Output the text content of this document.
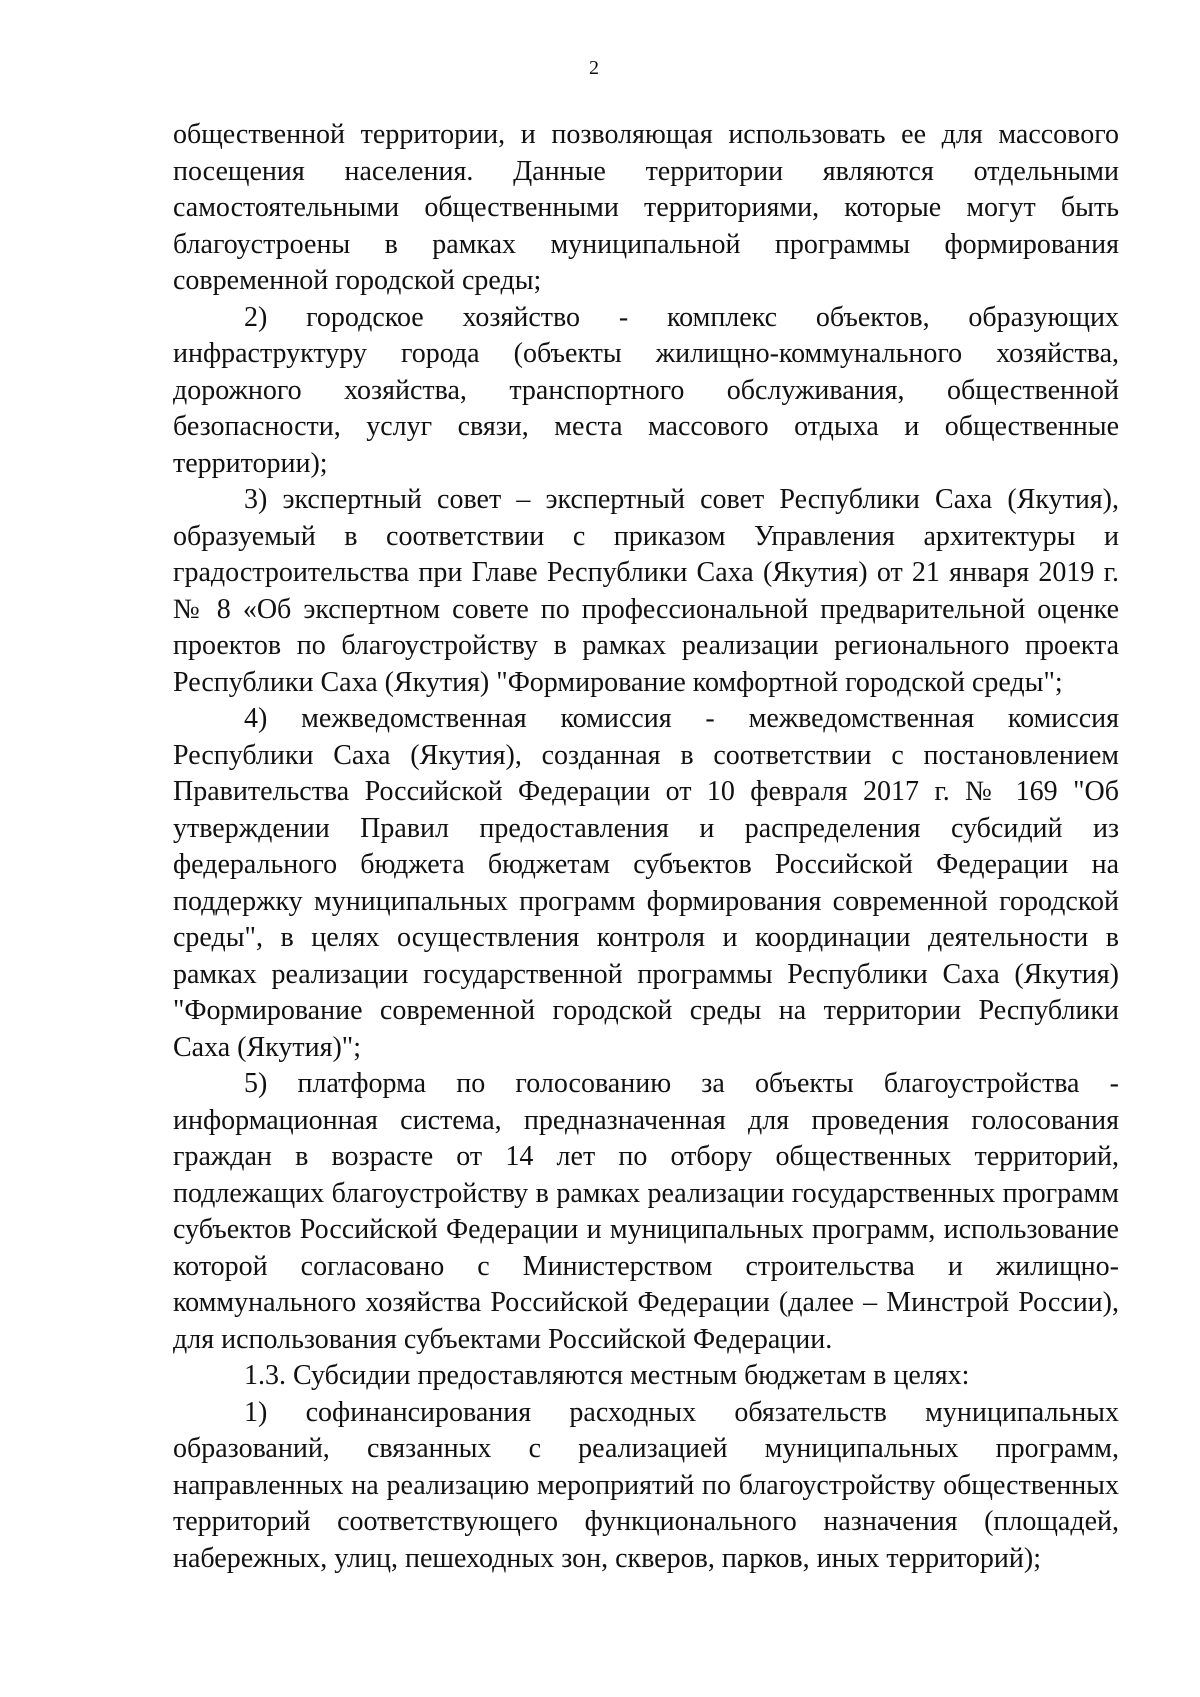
2

общественной территории, и позволяющая использовать ее для массового посещения населения. Данные территории являются отдельными самостоятельными общественными территориями, которые могут быть благоустроены в рамках муниципальной программы формирования современной городской среды;

2) городское хозяйство - комплекс объектов, образующих инфраструктуру города (объекты жилищно-коммунального хозяйства, дорожного хозяйства, транспортного обслуживания, общественной безопасности, услуг связи, места массового отдыха и общественные территории);

3) экспертный совет – экспертный совет Республики Саха (Якутия), образуемый в соответствии с приказом Управления архитектуры и градостроительства при Главе Республики Саха (Якутия) от 21 января 2019 г. № 8 «Об экспертном совете по профессиональной предварительной оценке проектов по благоустройству в рамках реализации регионального проекта Республики Саха (Якутия) "Формирование комфортной городской среды";

4) межведомственная комиссия - межведомственная комиссия Республики Саха (Якутия), созданная в соответствии с постановлением Правительства Российской Федерации от 10 февраля 2017 г. № 169 "Об утверждении Правил предоставления и распределения субсидий из федерального бюджета бюджетам субъектов Российской Федерации на поддержку муниципальных программ формирования современной городской среды", в целях осуществления контроля и координации деятельности в рамках реализации государственной программы Республики Саха (Якутия) "Формирование современной городской среды на территории Республики Саха (Якутия)";

5) платформа по голосованию за объекты благоустройства - информационная система, предназначенная для проведения голосования граждан в возрасте от 14 лет по отбору общественных территорий, подлежащих благоустройству в рамках реализации государственных программ субъектов Российской Федерации и муниципальных программ, использование которой согласовано с Министерством строительства и жилищно-коммунального хозяйства Российской Федерации (далее – Минстрой России), для использования субъектами Российской Федерации.

1.3. Субсидии предоставляются местным бюджетам в целях:

1) софинансирования расходных обязательств муниципальных образований, связанных с реализацией муниципальных программ, направленных на реализацию мероприятий по благоустройству общественных территорий соответствующего функционального назначения (площадей, набережных, улиц, пешеходных зон, скверов, парков, иных территорий);
